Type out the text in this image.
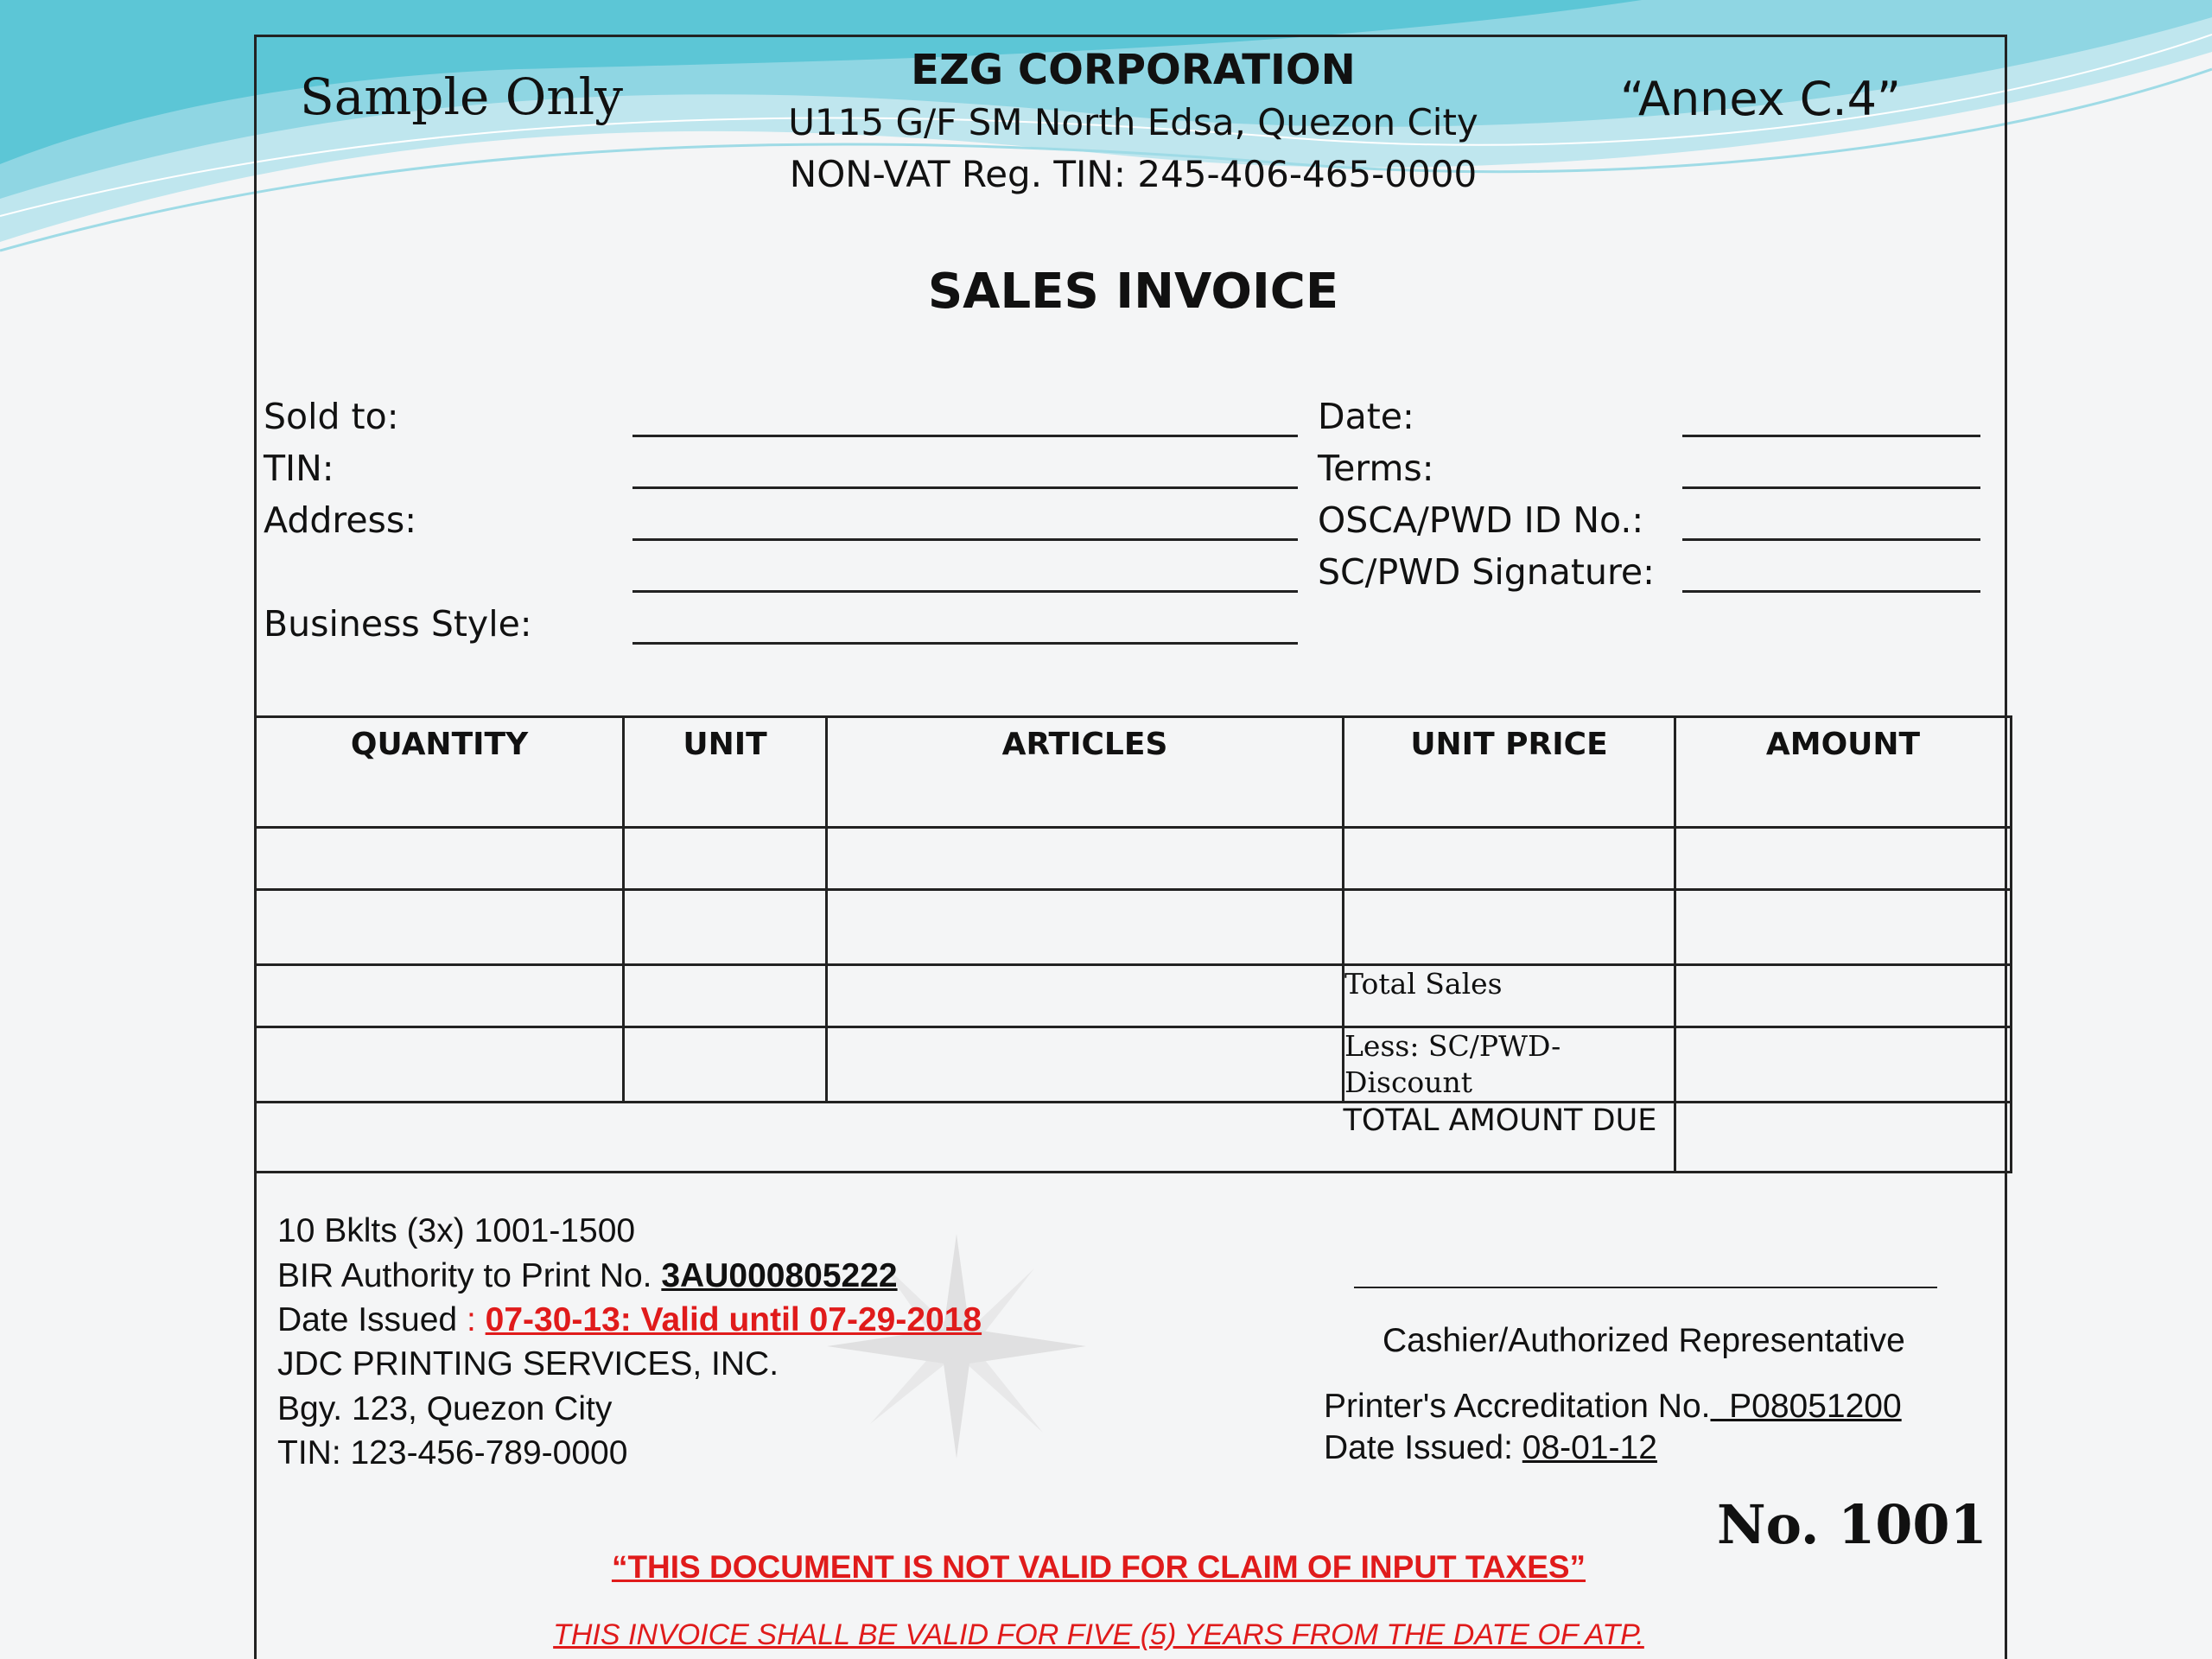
Sample Only	“Annex C.4”
EZG CORPORATION
U115 G/F SM North Edsa, Quezon City
NON-VAT Reg. TIN: 245-406-465-0000
SALES INVOICE
Sold to:
TIN:
Address:
Business Style:
Date:
Terms:
OSCA/PWD ID No.:
SC/PWD Signature:
QUANTITY	UNIT	ARTICLES	UNIT PRICE	AMOUNT

			Total Sales	
			Less: SC/PWD-
Discount	
			TOTAL AMOUNT DUE	
10 Bklts (3x) 1001-1500
BIR Authority to Print No. 3AU000805222
Date Issued : 07-30-13: Valid until 07-29-2018
JDC PRINTING SERVICES, INC.
Bgy. 123, Quezon City
TIN: 123-456-789-0000
Cashier/Authorized Representative
Printer's Accreditation No.  P08051200
Date Issued: 08-01-12
No. 1001
“THIS DOCUMENT IS NOT VALID FOR CLAIM OF INPUT TAXES”
THIS INVOICE SHALL BE VALID FOR FIVE (5) YEARS FROM THE DATE OF ATP.
